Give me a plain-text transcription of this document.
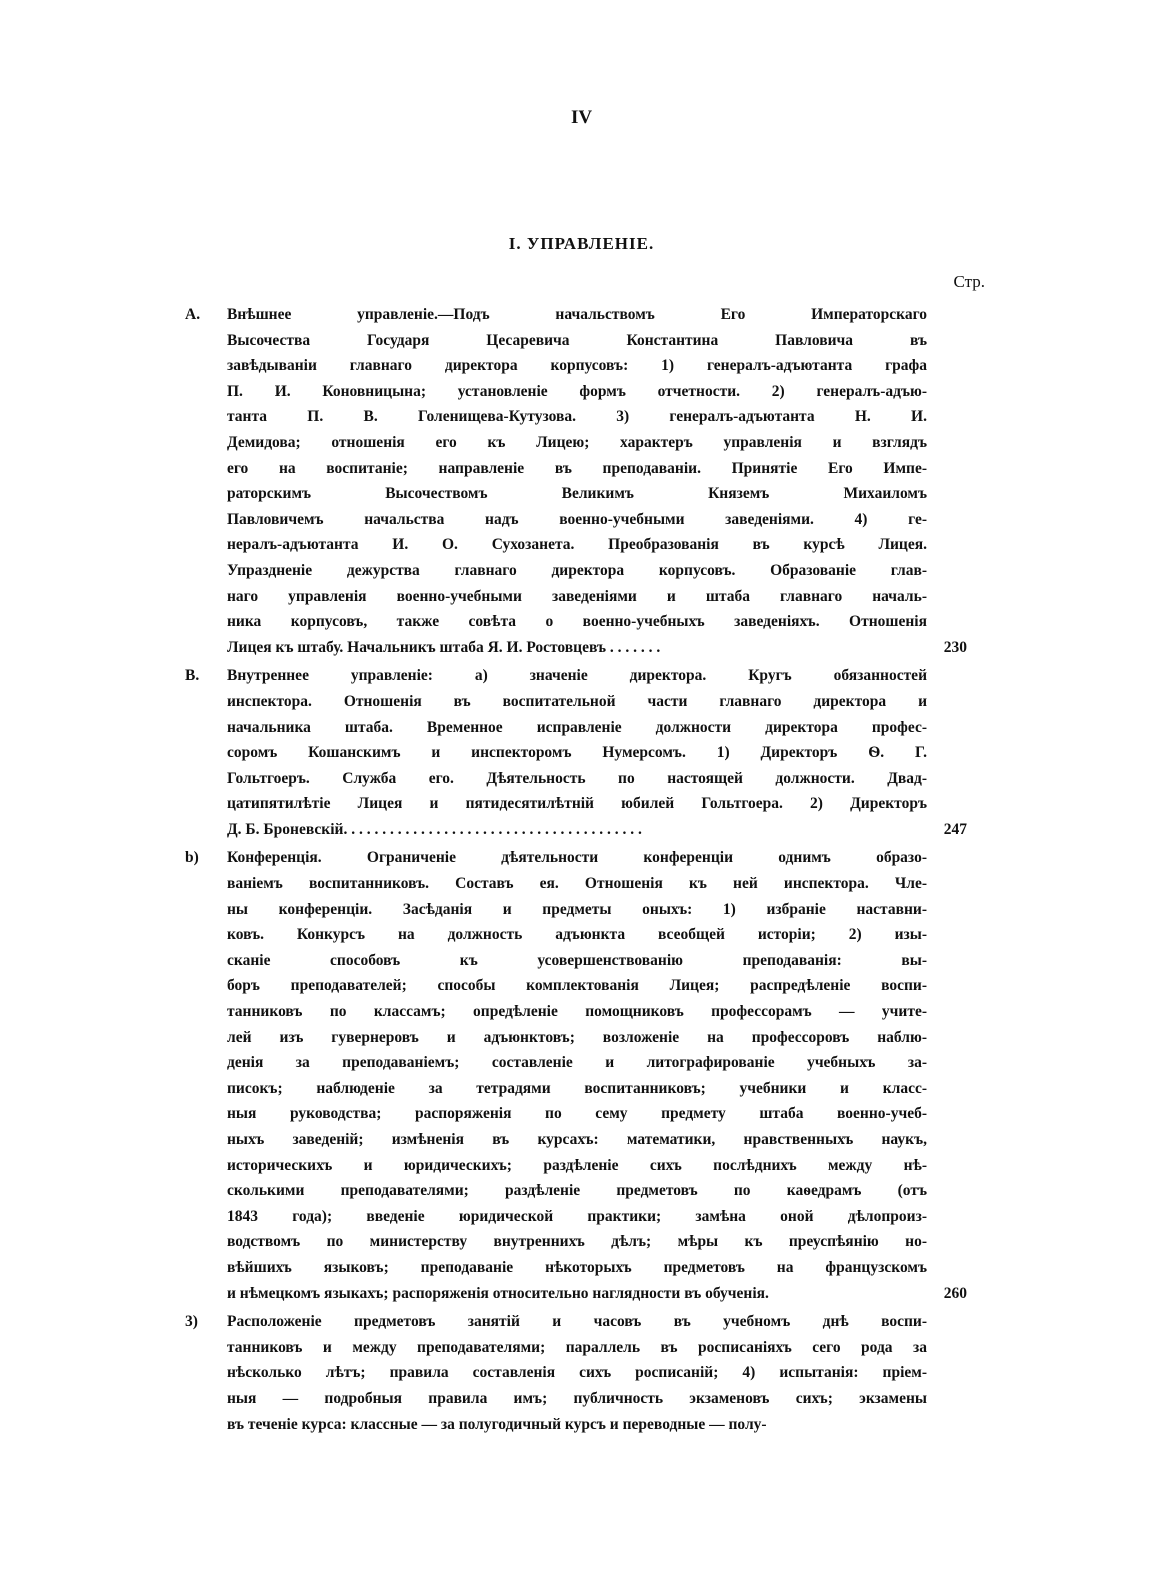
IV
I. УПРАВЛЕНІЕ.
Стр.
A. Внѣшнее управленіе.—Подъ начальствомъ Его Императорскаго
Высочества Государя Цесаревича Константина Павловича въ
завѣдываніи главнаго директора корпусовъ: 1) генералъ-адъютанта графа
П. И. Коновницына; установленіе формъ отчетности. 2) генералъ-адъю-
танта П. В. Голенищева-Кутузова. 3) генералъ-адъютанта Н. И.
Демидова; отношенія его къ Лицею; характеръ управленія и взглядъ
его на воспитаніе; направленіе въ преподаваніи. Принятіе Его Импе-
раторскимъ Высочествомъ Великимъ Княземъ Михаиломъ
Павловичемъ начальства надъ военно-учебными заведеніями. 4) ге-
нералъ-адъютанта И. О. Сухозанета. Преобразованія въ курсѣ Лицея.
Упраздненіе дежурства главнаго директора корпусовъ. Образованіе глав-
наго управленія военно-учебными заведеніями и штаба главнаго началь-
ника корпусовъ, также совѣта о военно-учебныхъ заведеніяхъ. Отношенія
Лицея къ штабу. Начальникъ штаба Я. И. Ростовцевъ . . . . . . .	230
B. Внутреннее управленіе: а) значеніе директора. Кругъ обязанностей
инспектора. Отношенія въ воспитательной части главнаго директора и
начальника штаба. Временное исправленіе должности директора профес-
соромъ Кошанскимъ и инспекторомъ Нумерсомъ. 1) Директоръ Ѳ. Г.
Гольтгоеръ. Служба его. Дѣятельность по настоящей должности. Двад-
цатипятилѣтіе Лицея и пятидесятилѣтній юбилей Гольтгоера. 2) Директоръ
Д. Б. Броневскій. . . . . . . . . . . . . . . . . . . . . . . . . . . . . . . . . . . . . . .	247
b) Конференція. Ограниченіе дѣятельности конференціи однимъ образо-
ваніемъ воспитанниковъ. Составъ ея. Отношенія къ ней инспектора. Чле-
ны конференціи. Засѣданія и предметы оныхъ: 1) избраніе наставни-
ковъ. Конкурсъ на должность адъюнкта всеобщей исторіи; 2) изы-
сканіе способовъ къ усовершенствованію преподаванія: вы-
боръ преподавателей; способы комплектованія Лицея; распредѣленіе воспи-
танниковъ по классамъ; опредѣленіе помощниковъ профессорамъ — учите-
лей изъ гувернеровъ и адъюнктовъ; возложеніе на профессоровъ наблю-
денія за преподаваніемъ; составленіе и литографированіе учебныхъ за-
писокъ; наблюденіе за тетрадями воспитанниковъ; учебники и класс-
ныя руководства; распоряженія по сему предмету штаба военно-учеб-
ныхъ заведеній; измѣненія въ курсахъ: математики, нравственныхъ наукъ,
историческихъ и юридическихъ; раздѣленіе сихъ послѣднихъ между нѣ-
сколькими преподавателями; раздѣленіе предметовъ по каѳедрамъ (отъ
1843 года); введеніе юридической практики; замѣна оной дѣлопроиз-
водствомъ по министерству внутреннихъ дѣлъ; мѣры къ преуспѣянію но-
вѣйшихъ языковъ; преподаваніе нѣкоторыхъ предметовъ на французскомъ
и нѣмецкомъ языкахъ; распоряженія относительно наглядности въ обученія.	260
3) Расположеніе предметовъ занятій и часовъ въ учебномъ днѣ воспи-
танниковъ и между преподавателями; параллель въ росписаніяхъ сего рода за
нѣсколько лѣтъ; правила составленія сихъ росписаній; 4) испытанія: пріем-
ныя — подробныя правила имъ; публичность экзаменовъ сихъ; экзамены
въ теченіе курса: классные — за полугодичный курсъ и переводные — полу-
